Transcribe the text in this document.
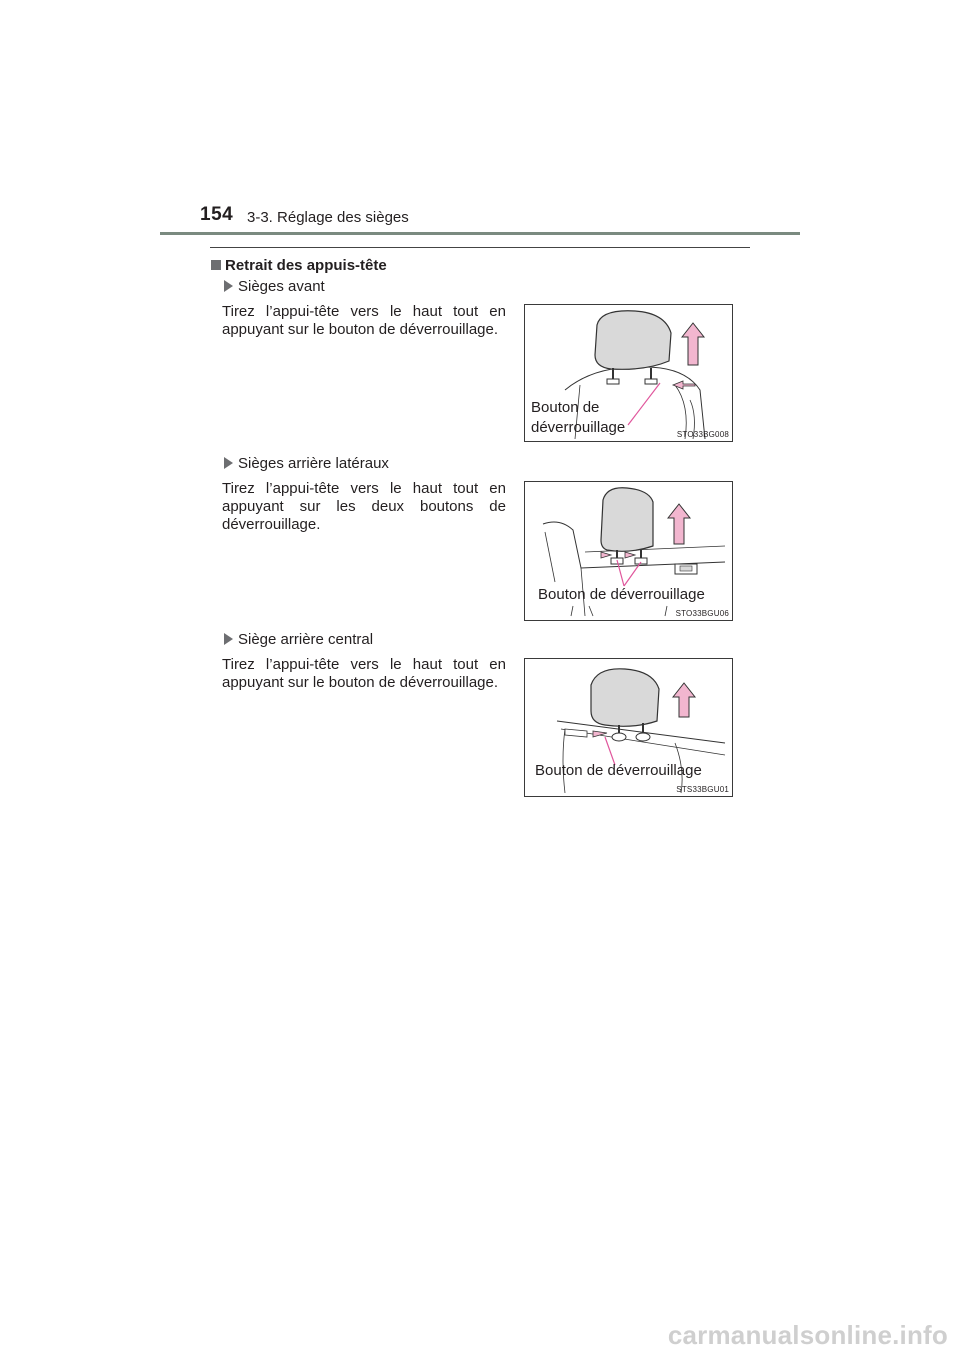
154 3-3. Réglage des sièges
Retrait des appuis-tête
Sièges avant
Tirez l’appui-tête vers le haut tout en appuyant sur le bouton de déverrouillage.
Bouton de
déverrouillage	STO33BG008
Sièges arrière latéraux
Tirez l’appui-tête vers le haut tout en appuyant sur les deux boutons de déverrouillage.
Bouton de déverrouillage
STO33BGU06
Siège arrière central
Tirez l’appui-tête vers le haut tout en appuyant sur le bouton de déverrouillage.
Bouton de déverrouillage
STS33BGU01
carmanualsonline.info
